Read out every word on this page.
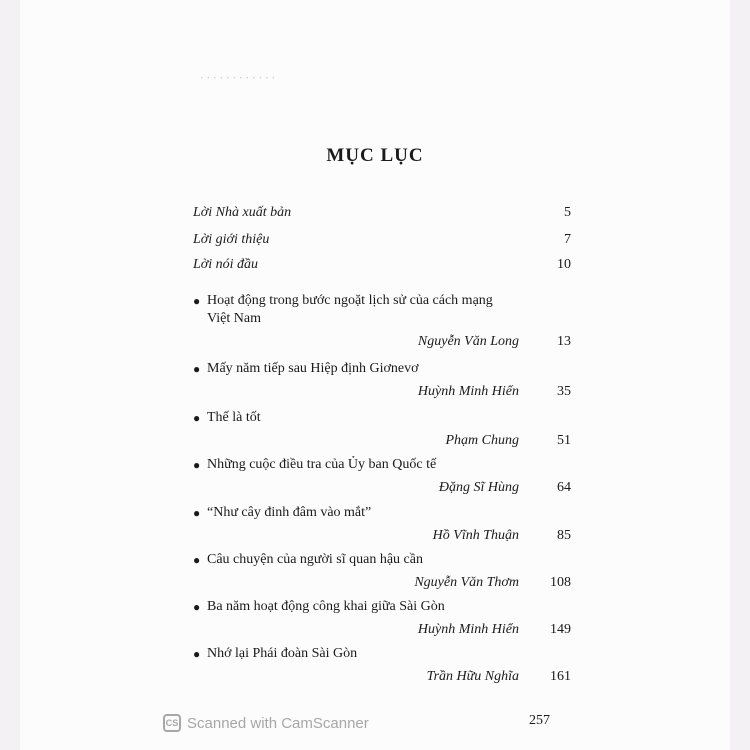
· · · · · · · · · · · ·
MỤC LỤC
Lời Nhà xuất bản	5
Lời giới thiệu	7
Lời nói đầu	10
● Hoạt động trong bước ngoặt lịch sử của cách mạng
Việt Nam
Nguyễn Văn Long	13
● Mấy năm tiếp sau Hiệp định Giơnevơ
Huỳnh Minh Hiển	35
● Thế là tốt
Phạm Chung	51
● Những cuộc điều tra của Ủy ban Quốc tế
Đặng Sĩ Hùng	64
● “Như cây đinh đâm vào mắt”
Hồ Vĩnh Thuận	85
● Câu chuyện của người sĩ quan hậu cần
Nguyễn Văn Thơm	108
● Ba năm hoạt động công khai giữa Sài Gòn
Huỳnh Minh Hiển	149
● Nhớ lại Phái đoàn Sài Gòn
Trần Hữu Nghĩa	161
257
CS Scanned with CamScanner
